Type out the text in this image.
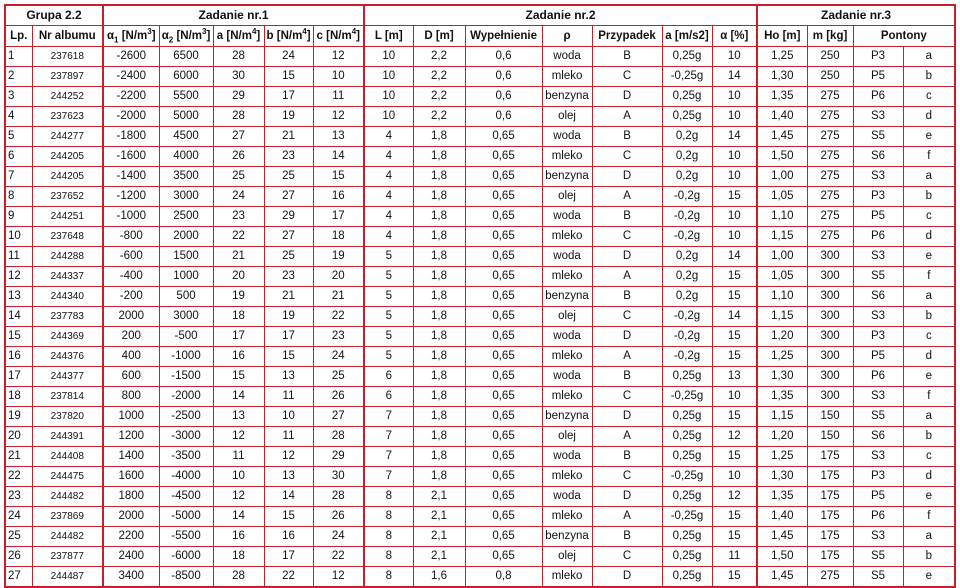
Grupa 2.2		Zadanie nr.1					Zadanie nr.2							Zadanie nr.3			
Lp.	Nr albumu	$\alpha_1$ $[N/m^3]$	$\alpha_2$ $[N/m^3]$	a $[N/m^4]$	b $[N/m^4]$	c $[N/m^4]$	L [m]	D [m]	Wypełnienie	ρ	Przypadek	a [m/s2]	α [%]	Ho [m]	m [kg]	Pontony	
1	237618	-2600	6500	28	24	12	10	2,2	0,6	woda	B	0,25g	10	1,25	250	P3	a
2	237897	-2400	6000	30	15	10	10	2,2	0,6	mleko	C	-0,25g	14	1,30	250	P5	b
3	244252	-2200	5500	29	17	11	10	2,2	0,6	benzyna	D	0,25g	10	1,35	275	P6	c
4	237623	-2000	5000	28	19	12	10	2,2	0,6	olej	A	0,25g	10	1,40	275	S3	d
5	244277	-1800	4500	27	21	13	4	1,8	0,65	woda	B	0,2g	14	1,45	275	S5	e
6	244205	-1600	4000	26	23	14	4	1,8	0,65	mleko	C	0,2g	10	1,50	275	S6	f
7	244205	-1400	3500	25	25	15	4	1,8	0,65	benzyna	D	0,2g	10	1,00	275	S3	a
8	237652	-1200	3000	24	27	16	4	1,8	0,65	olej	A	-0,2g	15	1,05	275	P3	b
9	244251	-1000	2500	23	29	17	4	1,8	0,65	woda	B	-0,2g	10	1,10	275	P5	c
10	237648	-800	2000	22	27	18	4	1,8	0,65	mleko	C	-0,2g	10	1,15	275	P6	d
11	244288	-600	1500	21	25	19	5	1,8	0,65	woda	D	0,2g	14	1,00	300	S3	e
12	244337	-400	1000	20	23	20	5	1,8	0,65	mleko	A	0,2g	15	1,05	300	S5	f
13	244340	-200	500	19	21	21	5	1,8	0,65	benzyna	B	0,2g	15	1,10	300	S6	a
14	237783	2000	3000	18	19	22	5	1,8	0,65	olej	C	-0,2g	14	1,15	300	S3	b
15	244369	200	-500	17	17	23	5	1,8	0,65	woda	D	-0,2g	15	1,20	300	P3	c
16	244376	400	-1000	16	15	24	5	1,8	0,65	mleko	A	-0,2g	15	1,25	300	P5	d
17	244377	600	-1500	15	13	25	6	1,8	0,65	woda	B	0,25g	13	1,30	300	P6	e
18	237814	800	-2000	14	11	26	6	1,8	0,65	mleko	C	-0,25g	10	1,35	300	S3	f
19	237820	1000	-2500	13	10	27	7	1,8	0,65	benzyna	D	0,25g	15	1,15	150	S5	a
20	244391	1200	-3000	12	11	28	7	1,8	0,65	olej	A	0,25g	12	1,20	150	S6	b
21	244408	1400	-3500	11	12	29	7	1,8	0,65	woda	B	0,25g	15	1,25	175	S3	c
22	244475	1600	-4000	10	13	30	7	1,8	0,65	mleko	C	-0,25g	10	1,30	175	P3	d
23	244482	1800	-4500	12	14	28	8	2,1	0,65	woda	D	0,25g	12	1,35	175	P5	e
24	237869	2000	-5000	14	15	26	8	2,1	0,65	mleko	A	-0,25g	15	1,40	175	P6	f
25	244482	2200	-5500	16	16	24	8	2,1	0,65	benzyna	B	0,25g	15	1,45	175	S3	a
26	237877	2400	-6000	18	17	22	8	2,1	0,65	olej	C	0,25g	11	1,50	175	S5	b
27	244487	3400	-8500	28	22	12	8	1,6	0,8	mleko	D	0,25g	15	1,45	275	S5	e
